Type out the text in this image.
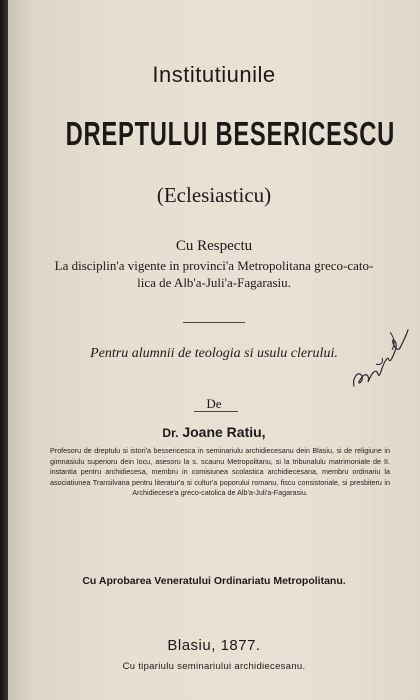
Institutiunile
DREPTULUI BESERICESCU
(Eclesiasticu)
Cu Respectu
La disciplin'a vigente in provinci'a Metropolitana greco-cato-
lica de Alb'a-Juli'a-Fagarasiu.
Pentru alumnii de teologia si usulu clerului.
De
Dr. Joane Ratiu,
Profesoru de dreptulu si istori'a bessericesca in seminariulu archidiecesanu dein Blasiu, si de religiune in gimnasiulu superioru dein locu, asesoru la s. scaunu Metropolitanu, si la tribunalulu matrimoniale de II. instantia pentru archidiecesa, membru in comisiunea scolastica archidiecesana, membru ordinariu la asociatiunea Transilvana pentru literatur'a si cultur'a poporului romanu, fiscu consistoriale, si presbiteru in Archidiecese'a greco-catolica de Alb'a-Juli'a-Fagarasiu.
Cu Aprobarea Veneratului Ordinariatu Metropolitanu.
Blasiu, 1877.
Cu tipariulu seminariului archidiecesanu.
